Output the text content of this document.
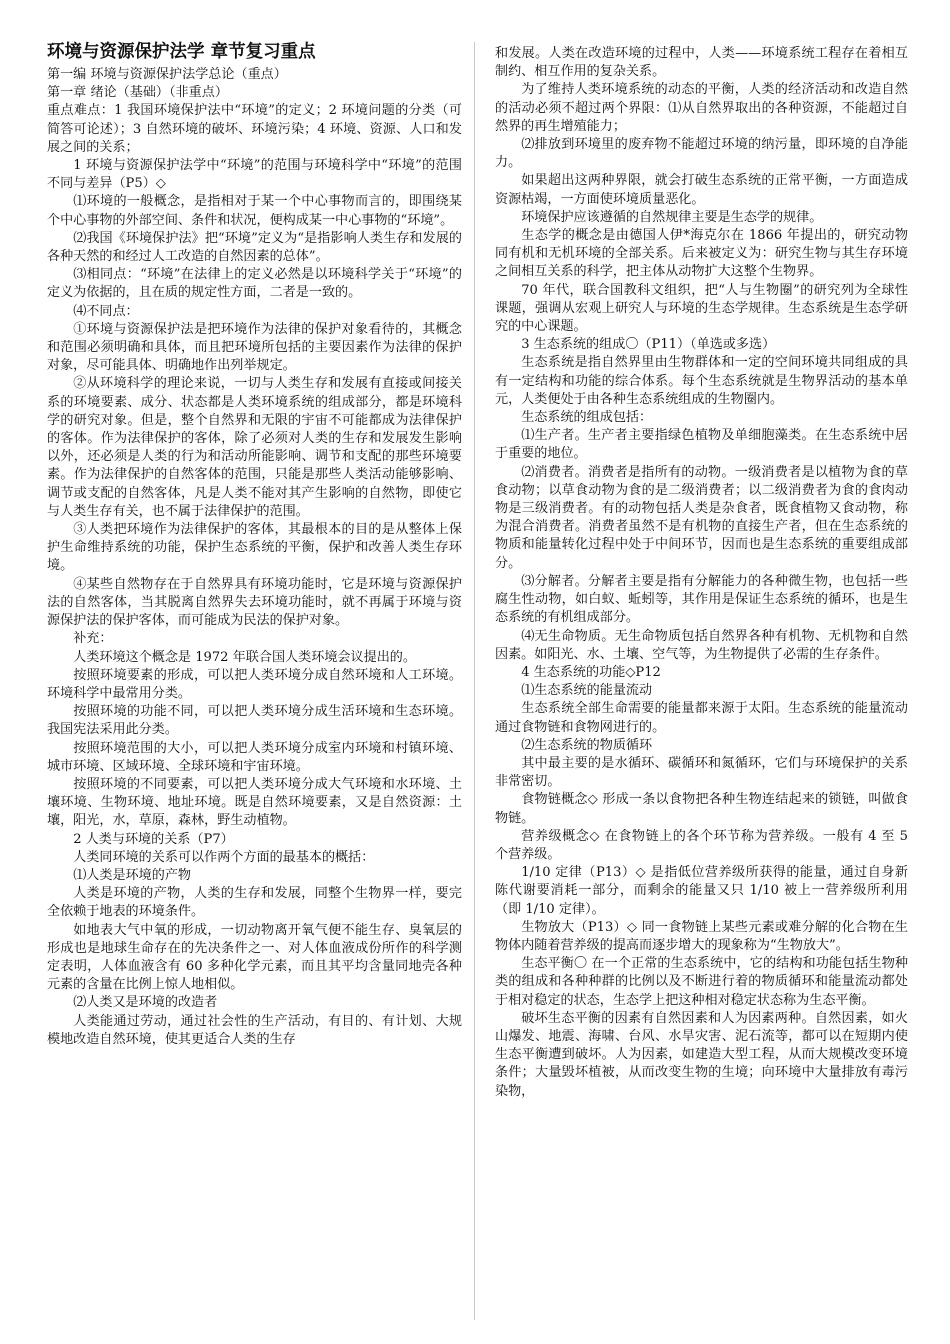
环境与资源保护法学 章节复习重点

第一编 环境与资源保护法学总论（重点）

第一章 绪论（基础）（非重点）

重点难点：1 我国环境保护法中“环境”的定义；2 环境问题的分类（可简答可论述）；3 自然环境的破坏、环境污染；4 环境、资源、人口和发展之间的关系；

1 环境与资源保护法学中“环境”的范围与环境科学中“环境”的范围不同与差异（P5）◇

⑴环境的一般概念，是指相对于某一个中心事物而言的，即围绕某个中心事物的外部空间、条件和状况，便构成某一中心事物的“环境”。

⑵我国《环境保护法》把“环境”定义为“是指影响人类生存和发展的各种天然的和经过人工改造的自然因素的总体”。

⑶相同点：“环境”在法律上的定义必然是以环境科学关于“环境”的定义为依据的，且在质的规定性方面，二者是一致的。

⑷不同点：

①环境与资源保护法是把环境作为法律的保护对象看待的，其概念和范围必须明确和具体，而且把环境所包括的主要因素作为法律的保护对象，尽可能具体、明确地作出列举规定。

②从环境科学的理论来说，一切与人类生存和发展有直接或间接关系的环境要素、成分、状态都是人类环境系统的组成部分，都是环境科学的研究对象。但是，整个自然界和无限的宇宙不可能都成为法律保护的客体。作为法律保护的客体，除了必须对人类的生存和发展发生影响以外，还必须是人类的行为和活动所能影响、调节和支配的那些环境要素。作为法律保护的自然客体的范围，只能是那些人类活动能够影响、调节或支配的自然客体，凡是人类不能对其产生影响的自然物，即使它与人类生存有关，也不属于法律保护的范围。

③人类把环境作为法律保护的客体，其最根本的目的是从整体上保护生命维持系统的功能，保护生态系统的平衡，保护和改善人类生存环境。

④某些自然物存在于自然界具有环境功能时，它是环境与资源保护法的自然客体，当其脱离自然界失去环境功能时，就不再属于环境与资源保护法的保护客体，而可能成为民法的保护对象。

补充：

人类环境这个概念是 1972 年联合国人类环境会议提出的。

按照环境要素的形成，可以把人类环境分成自然环境和人工环境。环境科学中最常用分类。

按照环境的功能不同，可以把人类环境分成生活环境和生态环境。我国宪法采用此分类。

按照环境范围的大小，可以把人类环境分成室内环境和村镇环境、城市环境、区域环境、全球环境和宇宙环境。

按照环境的不同要素，可以把人类环境分成大气环境和水环境、土壤环境、生物环境、地址环境。既是自然环境要素，又是自然资源：土壤，阳光，水，草原，森林，野生动植物。

2 人类与环境的关系（P7）

人类同环境的关系可以作两个方面的最基本的概括：

⑴人类是环境的产物

人类是环境的产物，人类的生存和发展，同整个生物界一样，要完全依赖于地表的环境条件。

如地表大气中氧的形成，一切动物离开氧气便不能生存、臭氧层的形成也是地球生命存在的先决条件之一、对人体血液成份所作的科学测定表明，人体血液含有 60 多种化学元素，而且其平均含量同地壳各种元素的含量在比例上惊人地相似。

⑵人类又是环境的改造者

人类能通过劳动，通过社会性的生产活动，有目的、有计划、大规模地改造自然环境，使其更适合人类的生存

和发展。人类在改造环境的过程中，人类——环境系统工程存在着相互制约、相互作用的复杂关系。

为了维持人类环境系统的动态的平衡，人类的经济活动和改造自然的活动必须不超过两个界限：⑴从自然界取出的各种资源，不能超过自然界的再生增殖能力；

⑵排放到环境里的废弃物不能超过环境的纳污量，即环境的自净能力。

如果超出这两种界限，就会打破生态系统的正常平衡，一方面造成资源枯竭，一方面使环境质量恶化。

环境保护应该遵循的自然规律主要是生态学的规律。

生态学的概念是由德国人伊*海克尔在 1866 年提出的，研究动物同有机和无机环境的全部关系。后来被定义为：研究生物与其生存环境之间相互关系的科学，把主体从动物扩大这整个生物界。

70 年代，联合国教科文组织，把“人与生物圈”的研究列为全球性课题，强调从宏观上研究人与环境的生态学规律。生态系统是生态学研究的中心课题。

3 生态系统的组成〇（P11）（单选或多选）

生态系统是指自然界里由生物群体和一定的空间环境共同组成的具有一定结构和功能的综合体系。每个生态系统就是生物界活动的基本单元，人类便处于由各种生态系统组成的生物圈内。

生态系统的组成包括：

⑴生产者。生产者主要指绿色植物及单细胞藻类。在生态系统中居于重要的地位。

⑵消费者。消费者是指所有的动物。一级消费者是以植物为食的草食动物；以草食动物为食的是二级消费者；以二级消费者为食的食肉动物是三级消费者。有的动物包括人类是杂食者，既食植物又食动物，称为混合消费者。消费者虽然不是有机物的直接生产者，但在生态系统的物质和能量转化过程中处于中间环节，因而也是生态系统的重要组成部分。

⑶分解者。分解者主要是指有分解能力的各种微生物，也包括一些腐生性动物，如白蚁、蚯蚓等，其作用是保证生态系统的循环，也是生态系统的有机组成部分。

⑷无生命物质。无生命物质包括自然界各种有机物、无机物和自然因素。如阳光、水、土壤、空气等，为生物提供了必需的生存条件。

4 生态系统的功能◇P12

⑴生态系统的能量流动

生态系统全部生命需要的能量都来源于太阳。生态系统的能量流动通过食物链和食物网进行的。

⑵生态系统的物质循环

其中最主要的是水循环、碳循环和氮循环，它们与环境保护的关系非常密切。

食物链概念◇ 形成一条以食物把各种生物连结起来的锁链，叫做食物链。

营养级概念◇ 在食物链上的各个环节称为营养级。一般有 4 至 5 个营养级。

1/10 定律（P13）◇ 是指低位营养级所获得的能量，通过自身新陈代谢要消耗一部分，而剩余的能量又只 1/10 被上一营养级所利用（即 1/10 定律）。

生物放大（P13）◇ 同一食物链上某些元素或难分解的化合物在生物体内随着营养级的提高而逐步增大的现象称为“生物放大”。

生态平衡〇 在一个正常的生态系统中，它的结构和功能包括生物种类的组成和各种种群的比例以及不断进行着的物质循环和能量流动都处于相对稳定的状态，生态学上把这种相对稳定状态称为生态平衡。

破坏生态平衡的因素有自然因素和人为因素两种。自然因素，如火山爆发、地震、海啸、台风、水旱灾害、泥石流等，都可以在短期内使生态平衡遭到破坏。人为因素，如建造大型工程，从而大规模改变环境条件；大量毁坏植被，从而改变生物的生境；向环境中大量排放有毒污染物，
